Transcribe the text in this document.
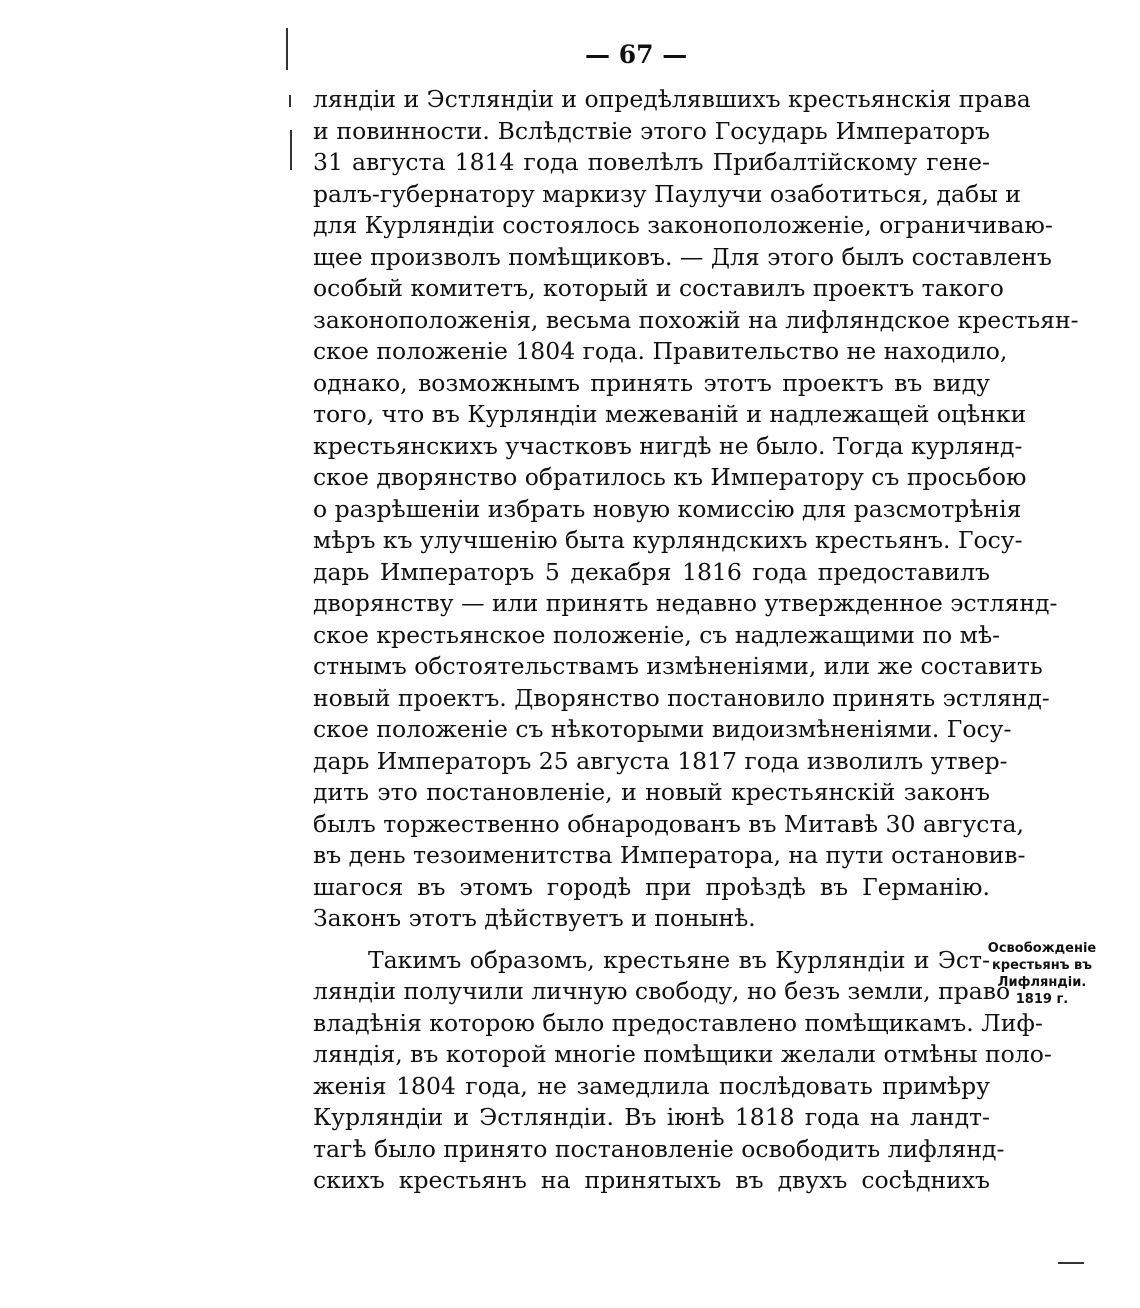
— 67 —
ляндіи и Эстляндіи и опредѣлявшихъ крестьянскія права
и повинности. Вслѣдствіе этого Государь Императоръ
31 августа 1814 года повелѣлъ Прибалтійскому гене-
ралъ-губернатору маркизу Паулучи озаботиться, дабы и
для Курляндіи состоялось законоположеніе, ограничиваю-
щее произволъ помѣщиковъ. — Для этого былъ составленъ
особый комитетъ, который и составилъ проектъ такого
законоположенія, весьма похожій на лифляндское крестьян-
ское положеніе 1804 года. Правительство не находило,
однако, возможнымъ принять этотъ проектъ въ виду
того, что въ Курляндіи межеваній и надлежащей оцѣнки
крестьянскихъ участковъ нигдѣ не было. Тогда курлянд-
ское дворянство обратилось къ Императору съ просьбою
о разрѣшеніи избрать новую комиссію для разсмотрѣнія
мѣръ къ улучшенію быта курляндскихъ крестьянъ. Госу-
дарь Императоръ 5 декабря 1816 года предоставилъ
дворянству — или принять недавно утвержденное эстлянд-
ское крестьянское положеніе, съ надлежащими по мѣ-
стнымъ обстоятельствамъ измѣненіями, или же составить
новый проектъ. Дворянство постановило принять эстлянд-
ское положеніе съ нѣкоторыми видоизмѣненіями. Госу-
дарь Императоръ 25 августа 1817 года изволилъ утвер-
дить это постановленіе, и новый крестьянскій законъ
былъ торжественно обнародованъ въ Митавѣ 30 августа,
въ день тезоименитства Императора, на пути остановив-
шагося въ этомъ городѣ при проѣздѣ въ Германію.
Законъ этотъ дѣйствуетъ и понынѣ.
Такимъ образомъ, крестьяне въ Курляндіи и Эст-
ляндіи получили личную свободу, но безъ земли, право
владѣнія которою было предоставлено помѣщикамъ. Лиф-
ляндія, въ которой многіе помѣщики желали отмѣны поло-
женія 1804 года, не замедлила послѣдовать примѣру
Курляндіи и Эстляндіи. Въ іюнѣ 1818 года на ландт-
тагѣ было принято постановленіе освободить лифлянд-
скихъ крестьянъ на принятыхъ въ двухъ сосѣднихъ
Освобожденіе
крестьянъ въ
Лифляндіи.
1819 г.
